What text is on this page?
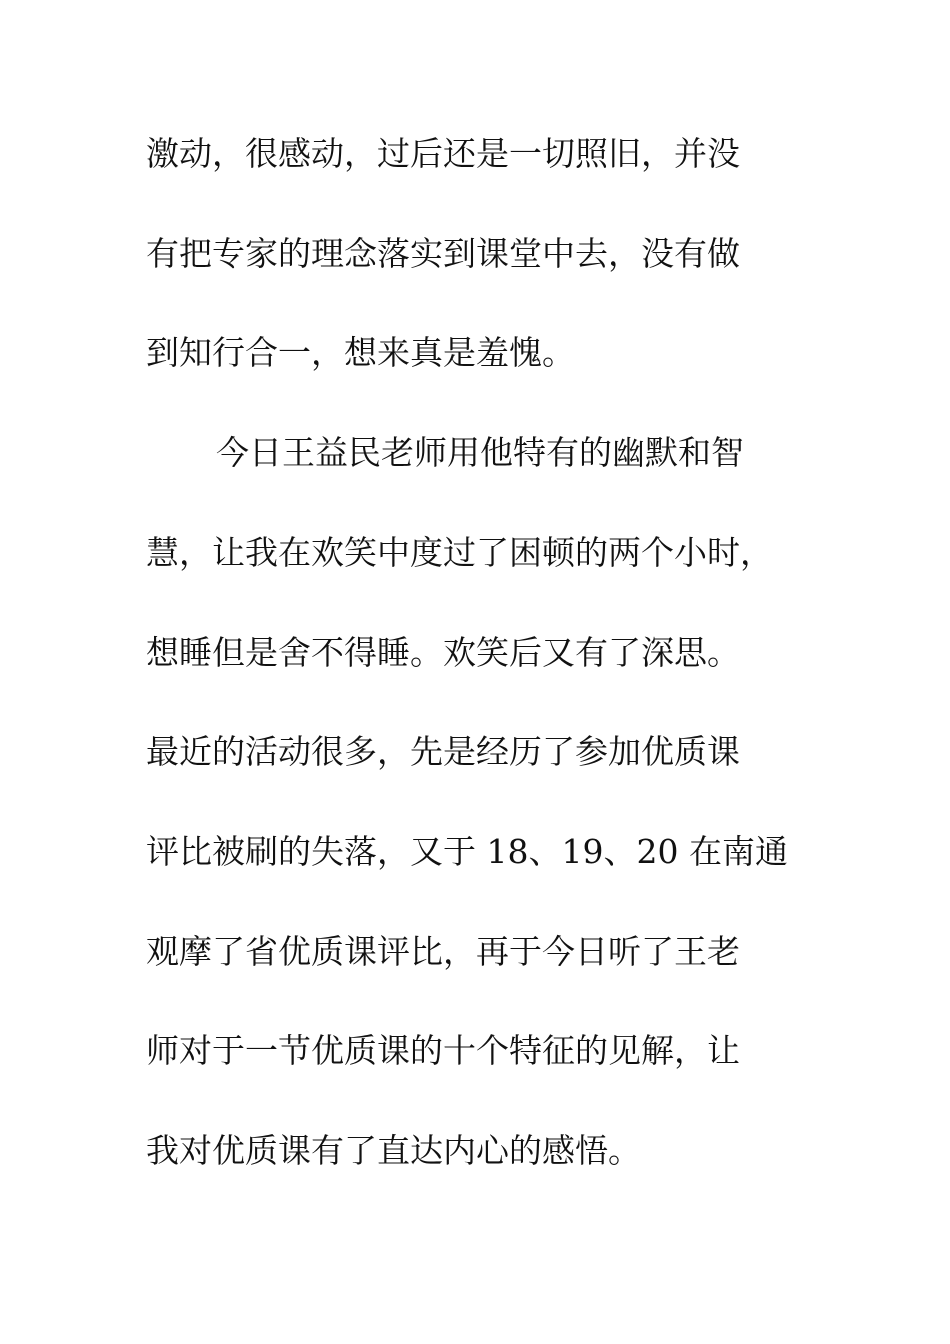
激动，很感动，过后还是一切照旧，并没
有把专家的理念落实到课堂中去，没有做
到知行合一，想来真是羞愧。
今日王益民老师用他特有的幽默和智
慧，让我在欢笑中度过了困顿的两个小时，
想睡但是舍不得睡。欢笑后又有了深思。
最近的活动很多，先是经历了参加优质课
评比被刷的失落，又于 18、19、20 在南通
观摩了省优质课评比，再于今日听了王老
师对于一节优质课的十个特征的见解，让
我对优质课有了直达内心的感悟。
